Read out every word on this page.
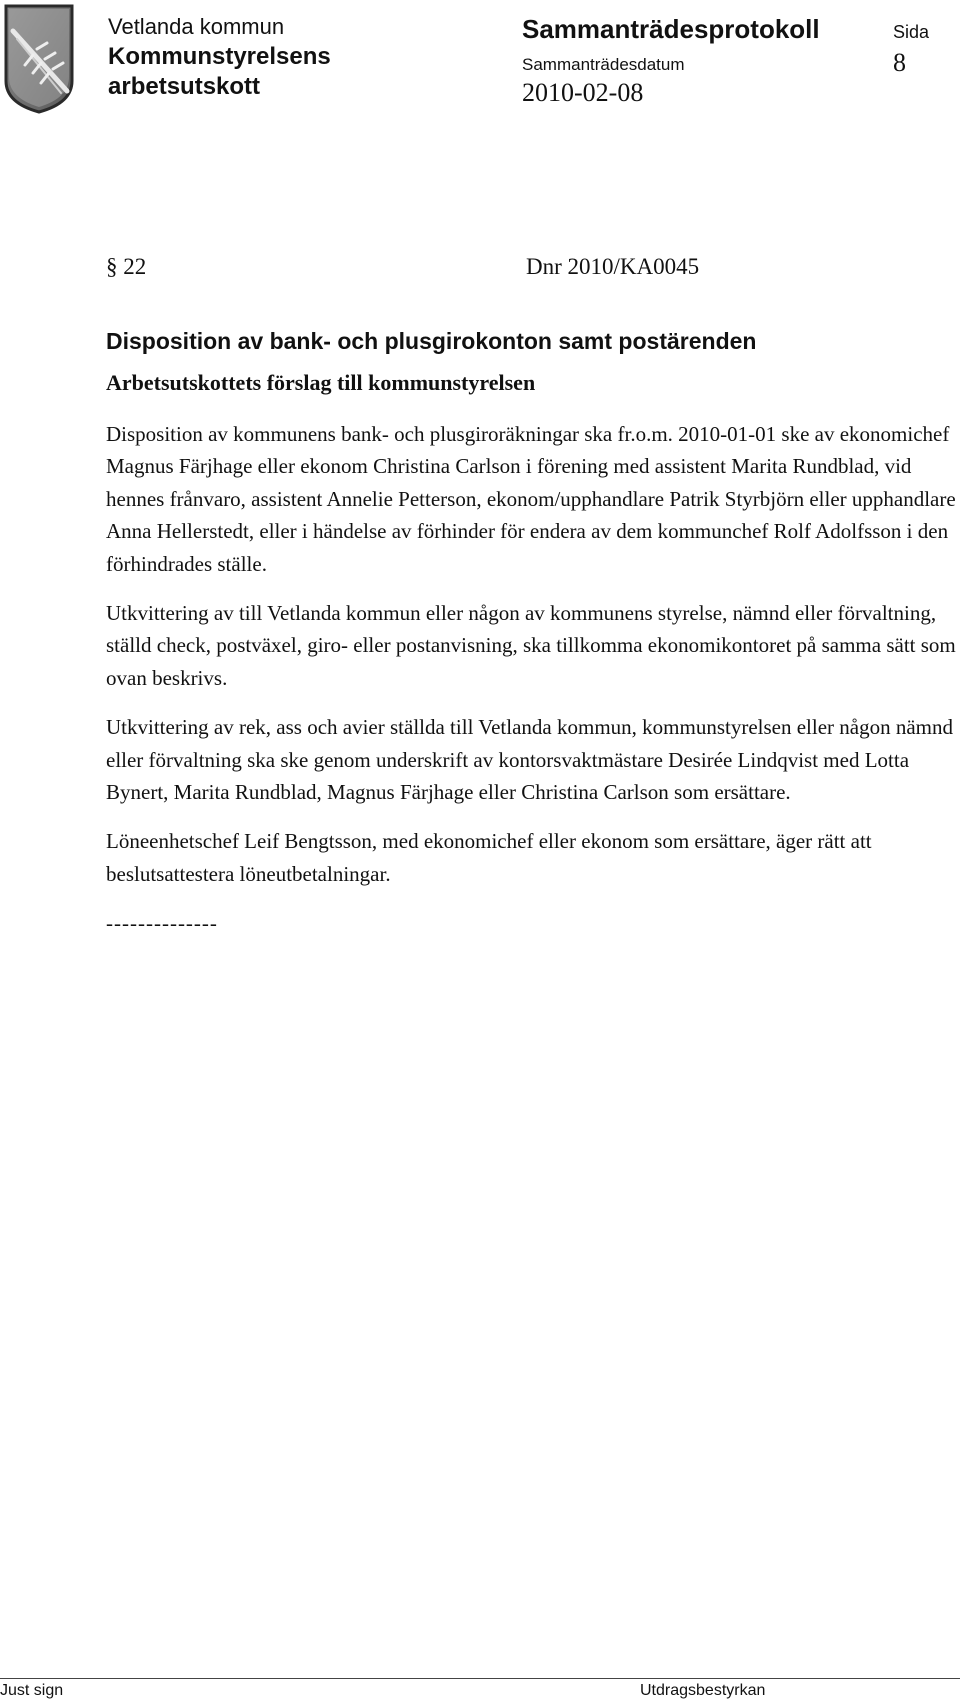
Vetlanda kommun
Kommunstyrelsens
arbetsutskott
Sammanträdesprotokoll	Sida
8
Sammanträdesdatum
2010-02-08
§ 22	Dnr 2010/KA0045
Disposition av bank- och plusgirokonton samt postärenden
Arbetsutskottets förslag till kommunstyrelsen

Disposition av kommunens bank- och plusgiroräkningar ska fr.o.m. 2010-01-01 ske av ekonomichef Magnus Färjhage eller ekonom Christina Carlson i förening med assistent Marita Rundblad, vid hennes frånvaro, assistent Annelie Petterson, ekonom/upphandlare Patrik Styrbjörn eller upphandlare Anna Hellerstedt, eller i händelse av förhinder för endera av dem kommunchef Rolf Adolfsson i den förhindrades ställe.

Utkvittering av till Vetlanda kommun eller någon av kommunens styrelse, nämnd eller förvaltning, ställd check, postväxel, giro- eller postanvisning, ska tillkomma ekonomikontoret på samma sätt som ovan beskrivs.

Utkvittering av rek, ass och avier ställda till Vetlanda kommun, kommunstyrelsen eller någon nämnd eller förvaltning ska ske genom underskrift av kontorsvaktmästare Desirée Lindqvist med Lotta Bynert, Marita Rundblad, Magnus Färjhage eller Christina Carlson som ersättare.

Löneenhetschef Leif Bengtsson, med ekonomichef eller ekonom som ersättare, äger rätt att beslutsattestera löneutbetalningar.

--------------
Just sign	Utdragsbestyrkan
